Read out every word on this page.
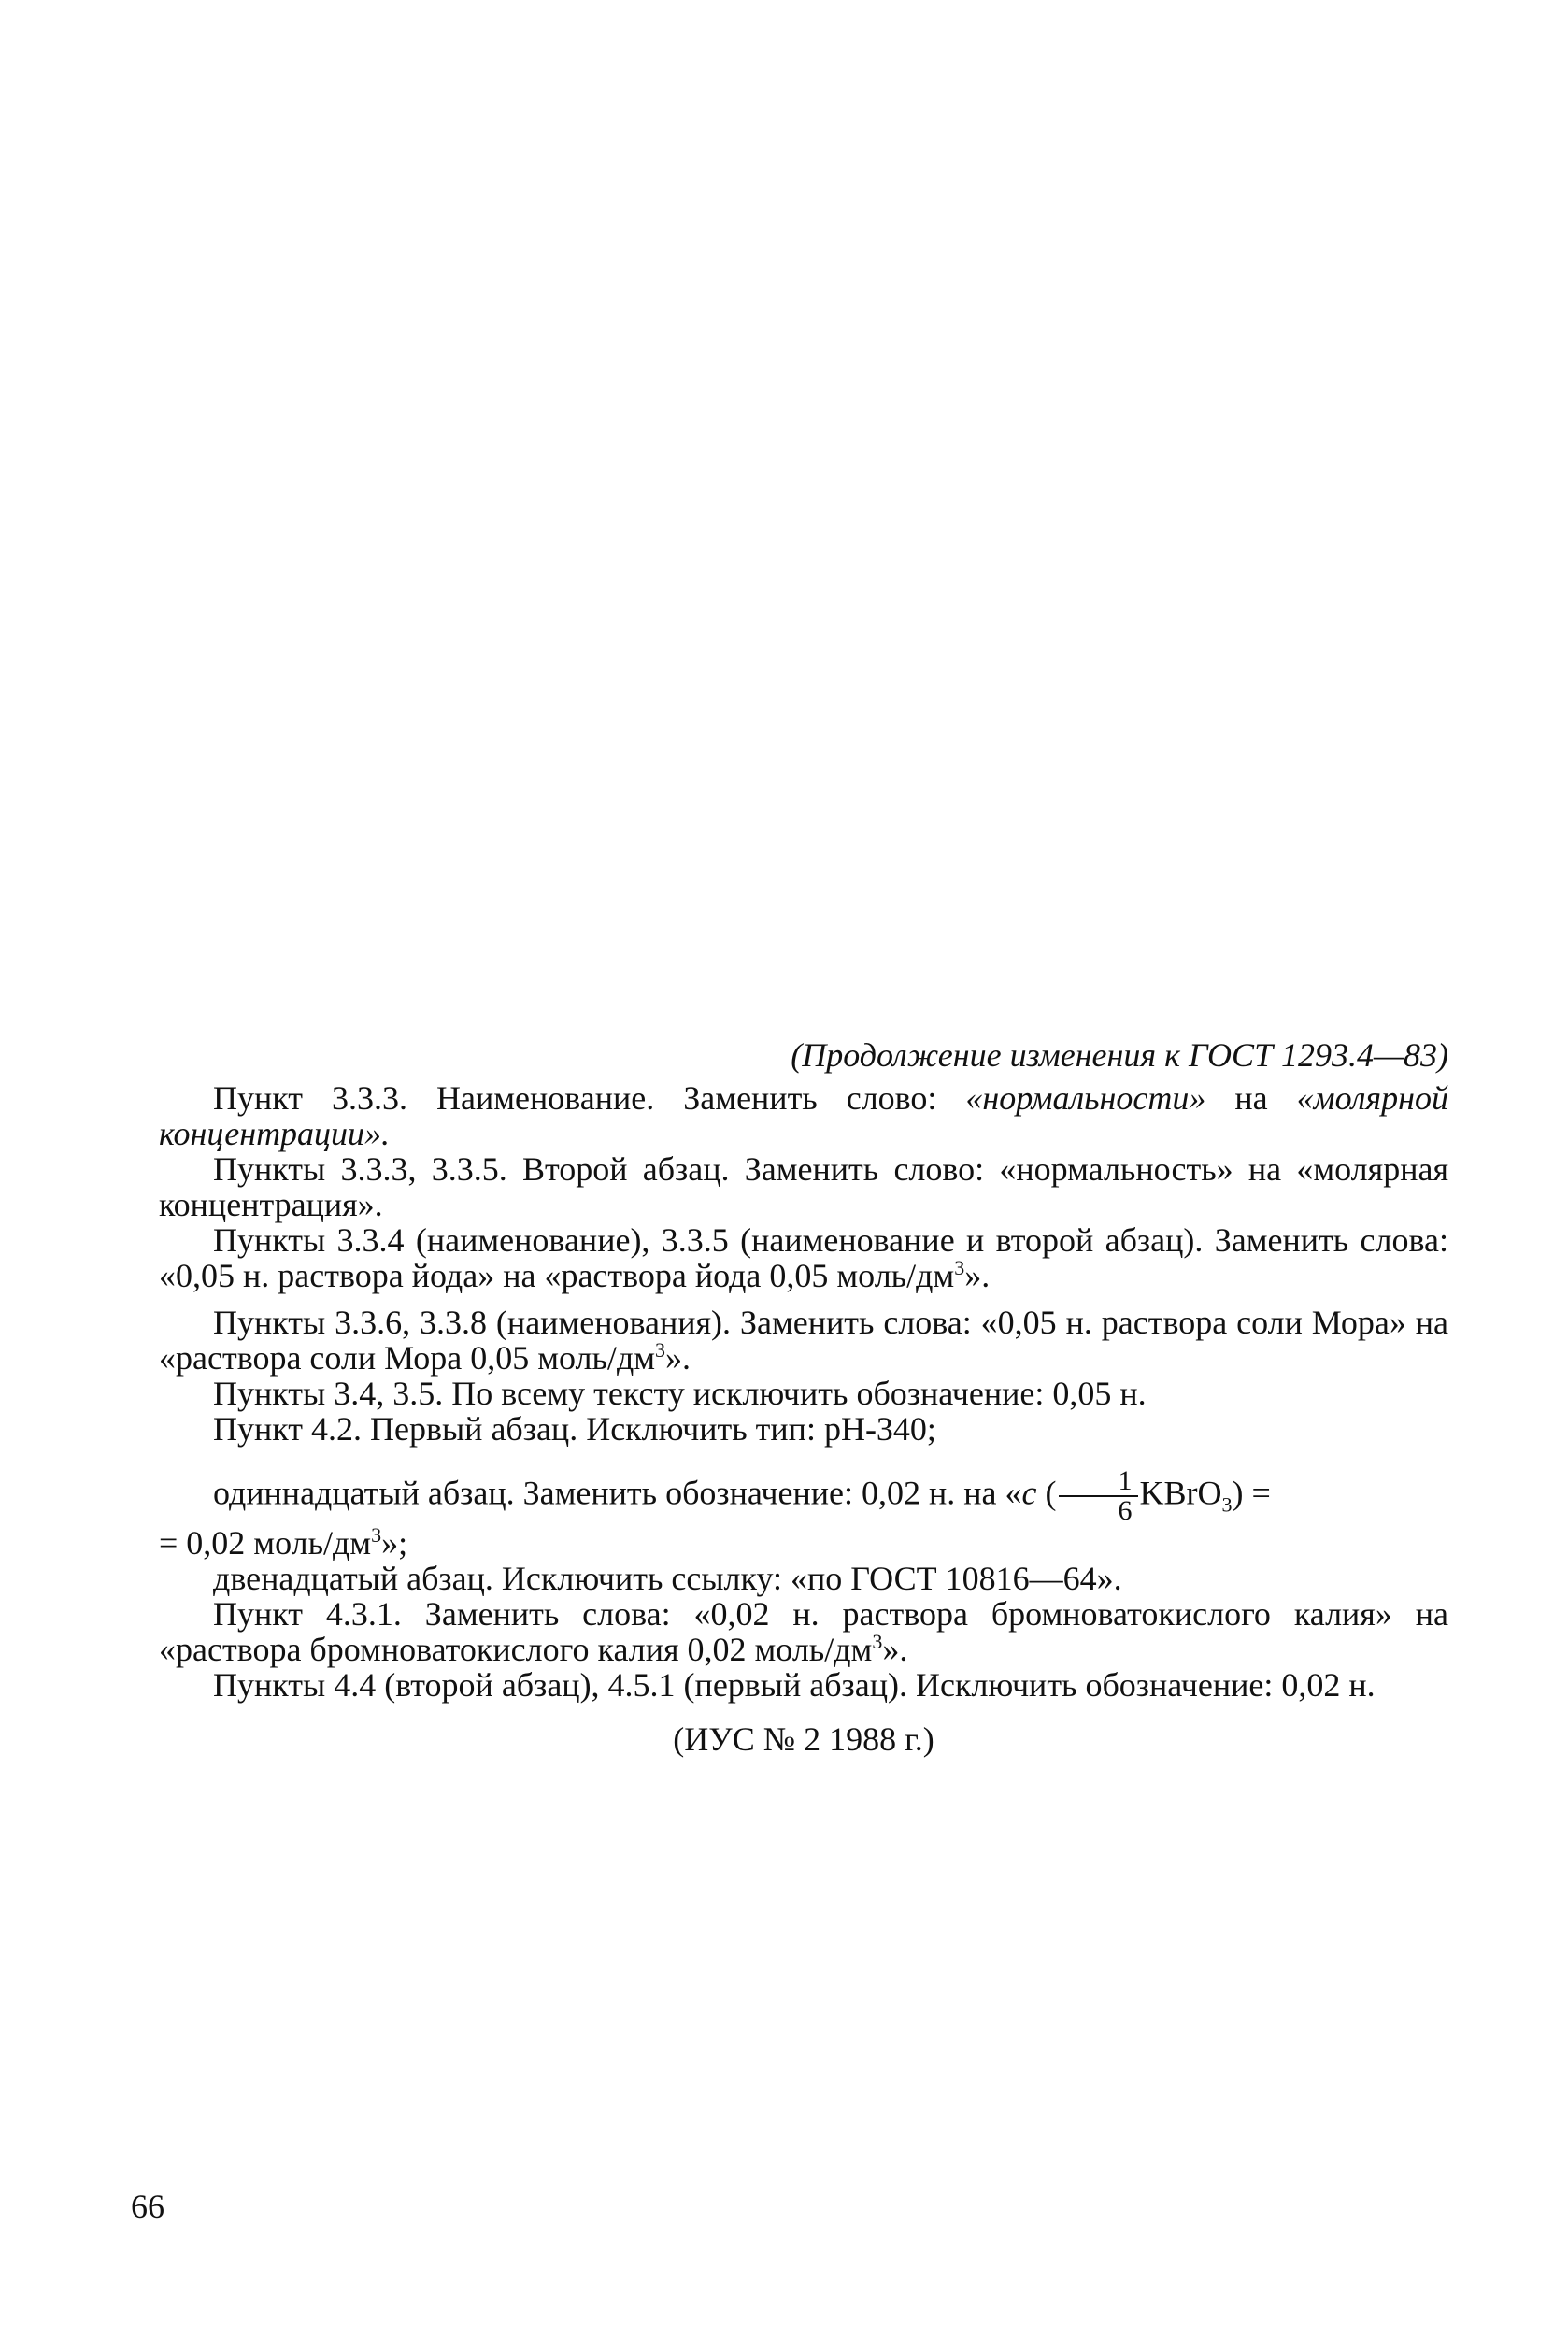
(Продолжение изменения к ГОСТ 1293.4—83)

Пункт 3.3.3. Наименование. Заменить слово: «нормальности» на «молярной концентрации».

Пункты 3.3.3, 3.3.5. Второй абзац. Заменить слово: «нормальность» на «молярная концентрация».

Пункты 3.3.4 (наименование), 3.3.5 (наименование и второй абзац). Заменить слова: «0,05 н. раствора йода» на «раствора йода 0,05 моль/$дм^3$».

Пункты 3.3.6, 3.3.8 (наименования). Заменить слова: «0,05 н. раствора соли Мора» на «раствора соли Мора 0,05 моль/$дм^3$».

Пункты 3.4, 3.5. По всему тексту исключить обозначение: 0,05 н.

Пункт 4.2. Первый абзац. Исключить тип: рН-340;

одиннадцатый абзац. Заменить обозначение: 0,02 н. на «c ( $\frac{1}{6}$ KBrO$_3$) =

= 0,02 моль/$дм^3$»;

двенадцатый абзац. Исключить ссылку: «по ГОСТ 10816—64».

Пункт 4.3.1. Заменить слова: «0,02 н. раствора бромноватокислого калия» на «раствора бромноватокислого калия 0,02 моль/$дм^3$».

Пункты 4.4 (второй абзац), 4.5.1 (первый абзац). Исключить обозначение: 0,02 н.

(ИУС № 2 1988 г.)
66
